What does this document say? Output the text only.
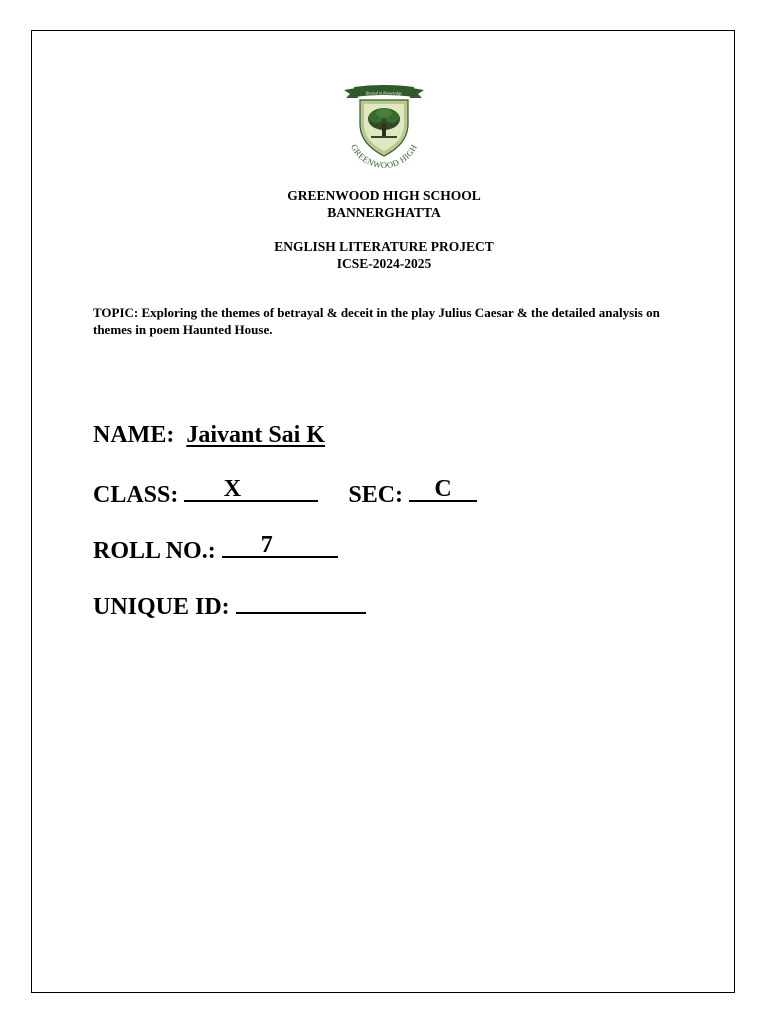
Rooted in Knowledge
GREENWOOD HIGH
GREENWOOD HIGH SCHOOL
BANNERGHATTA
ENGLISH LITERATURE PROJECT
ICSE-2024-2025
TOPIC: Exploring the themes of betrayal & deceit in the play Julius Caesar & the detailed analysis on themes in poem Haunted House.
NAME: Jaivant Sai K
CLASS:	X	SEC:	C
ROLL NO.:	7
UNIQUE ID:
